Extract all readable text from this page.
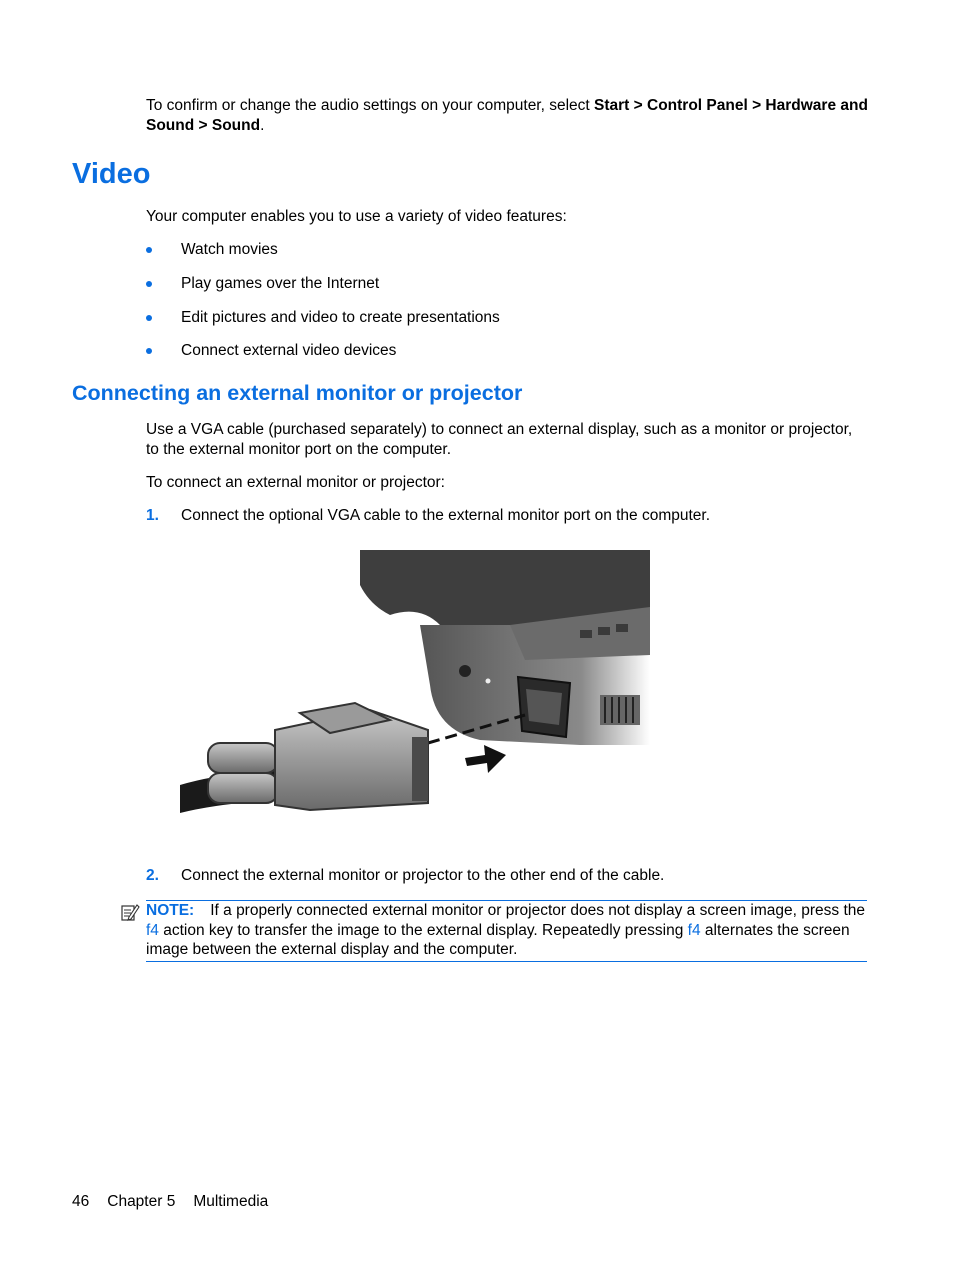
To confirm or change the audio settings on your computer, select Start > Control Panel > Hardware and Sound > Sound.

Video

Your computer enables you to use a variety of video features:

Watch movies
Play games over the Internet
Edit pictures and video to create presentations
Connect external video devices
Connecting an external monitor or projector

Use a VGA cable (purchased separately) to connect an external display, such as a monitor or projector, to the external monitor port on the computer.

To connect an external monitor or projector:

1.	Connect the optional VGA cable to the external monitor port on the computer.
2.	Connect the external monitor or projector to the other end of the cable.
NOTE: If a properly connected external monitor or projector does not display a screen image, press the f4 action key to transfer the image to the external display. Repeatedly pressing f4 alternates the screen image between the external display and the computer.
46 Chapter 5 Multimedia
